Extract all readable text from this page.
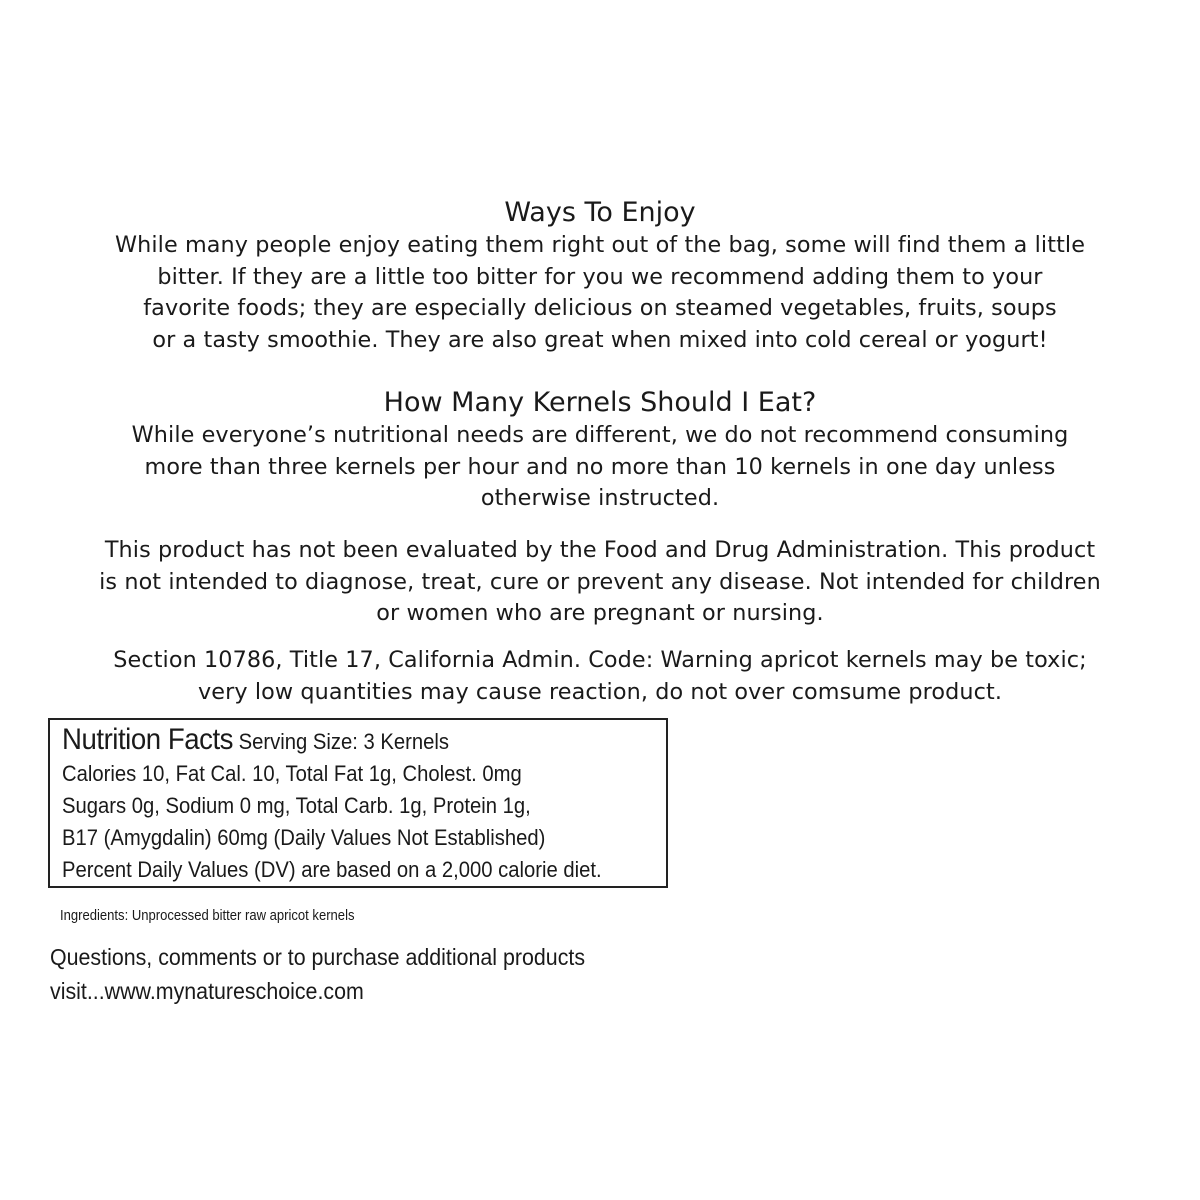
Ways To Enjoy

While many people enjoy eating them right out of the bag, some will find them a little
bitter. If they are a little too bitter for you we recommend adding them to your
favorite foods; they are especially delicious on steamed vegetables, fruits, soups
or a tasty smoothie. They are also great when mixed into cold cereal or yogurt!

How Many Kernels Should I Eat?

While everyone’s nutritional needs are different, we do not recommend consuming
more than three kernels per hour and no more than 10 kernels in one day unless
otherwise instructed.

This product has not been evaluated by the Food and Drug Administration. This product
is not intended to diagnose, treat, cure or prevent any disease. Not intended for children
or women who are pregnant or nursing.

Section 10786, Title 17, California Admin. Code: Warning apricot kernels may be toxic;
very low quantities may cause reaction, do not over comsume product.

Nutrition Facts Serving Size: 3 Kernels
Calories 10, Fat Cal. 10, Total Fat 1g, Cholest. 0mg
Sugars 0g, Sodium 0 mg, Total Carb. 1g, Protein 1g,
B17 (Amygdalin) 60mg (Daily Values Not Established)
Percent Daily Values (DV) are based on a 2,000 calorie diet.
Ingredients: Unprocessed bitter raw apricot kernels
Questions, comments or to purchase additional products
visit...www.mynatureschoice.com
